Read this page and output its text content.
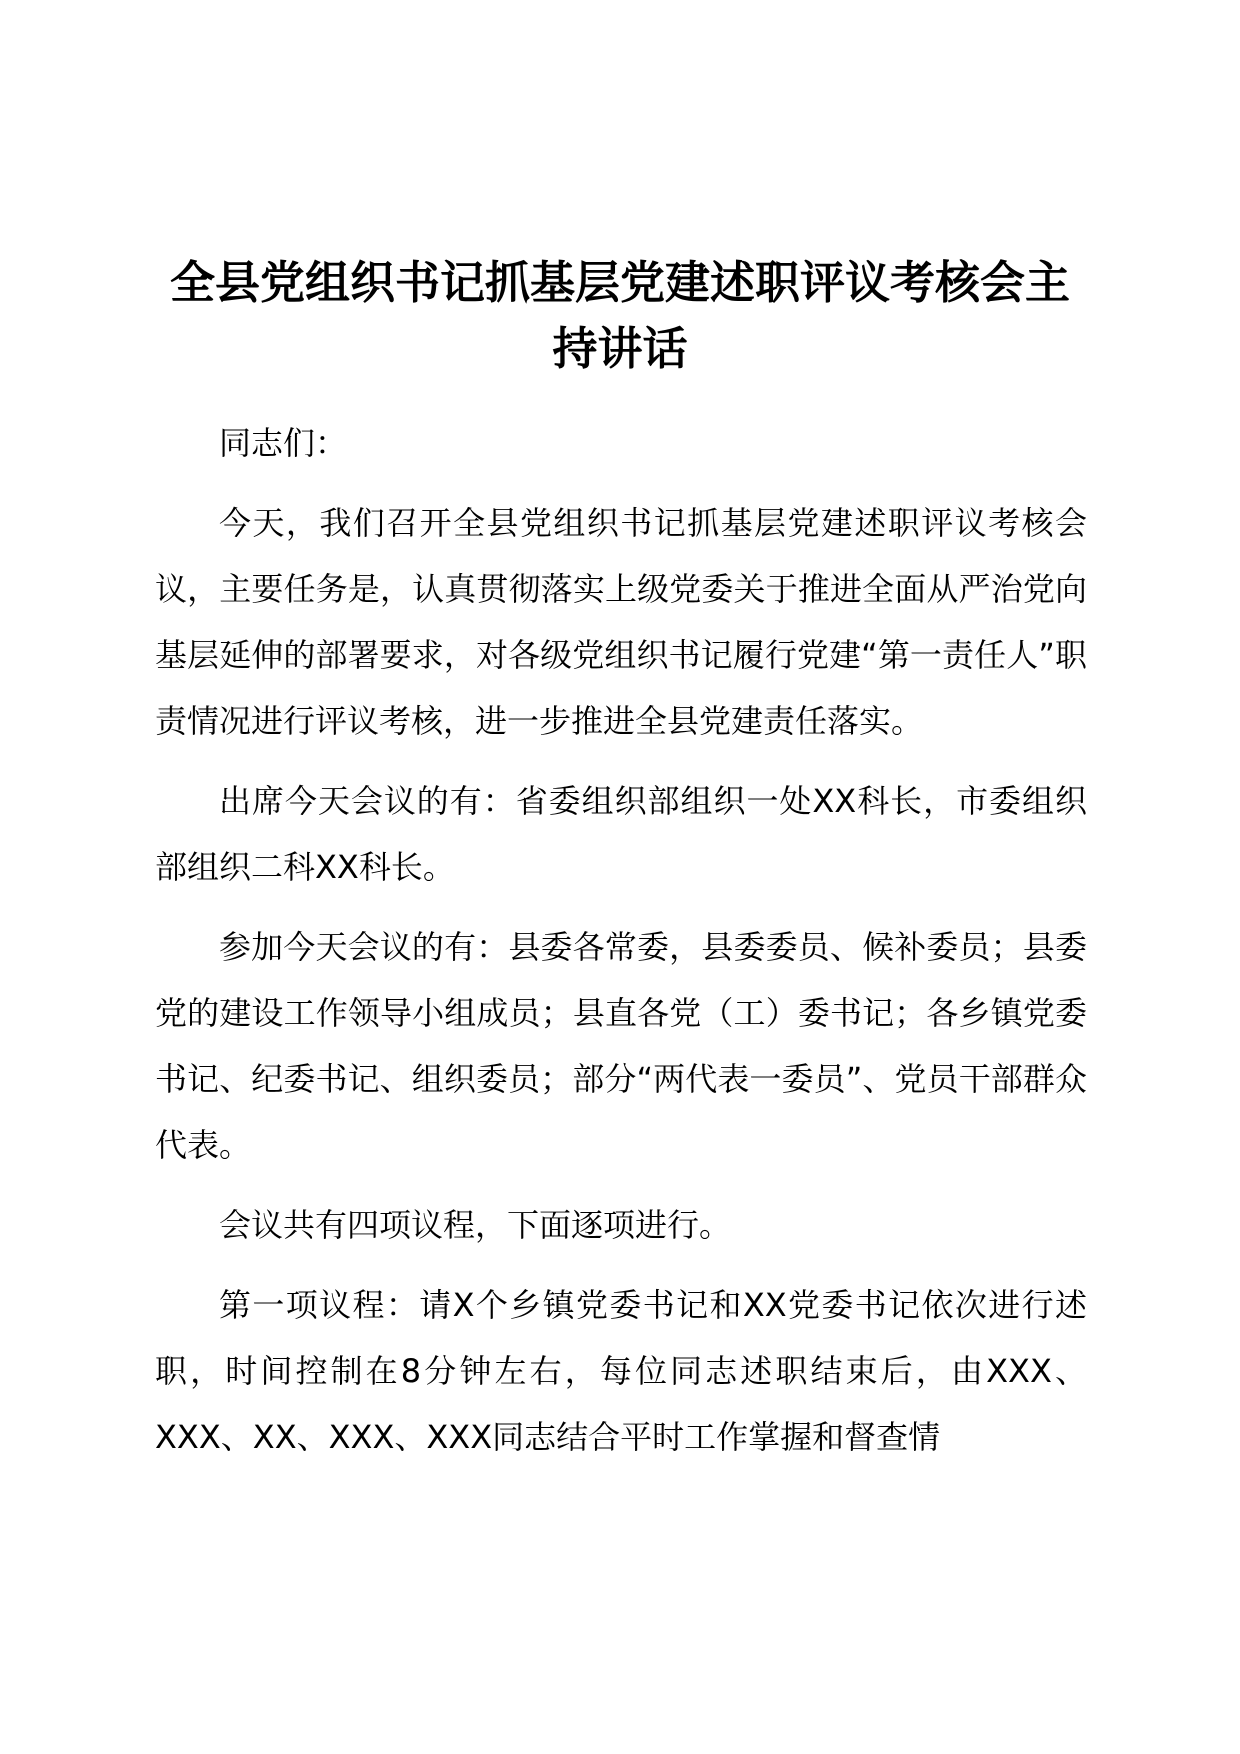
全县党组织书记抓基层党建述职评议考核会主持讲话

同志们：

今天，我们召开全县党组织书记抓基层党建述职评议考核会议，主要任务是，认真贯彻落实上级党委关于推进全面从严治党向基层延伸的部署要求，对各级党组织书记履行党建“第一责任人”职责情况进行评议考核，进一步推进全县党建责任落实。

出席今天会议的有：省委组织部组织一处XX科长，市委组织部组织二科XX科长。

参加今天会议的有：县委各常委，县委委员、候补委员；县委党的建设工作领导小组成员；县直各党（工）委书记；各乡镇党委书记、纪委书记、组织委员；部分“两代表一委员”、党员干部群众代表。

会议共有四项议程，下面逐项进行。

第一项议程：请X个乡镇党委书记和XX党委书记依次进行述职，时间控制在8分钟左右，每位同志述职结束后，由XXX、XXX、XX、XXX、XXX同志结合平时工作掌握和督查情
